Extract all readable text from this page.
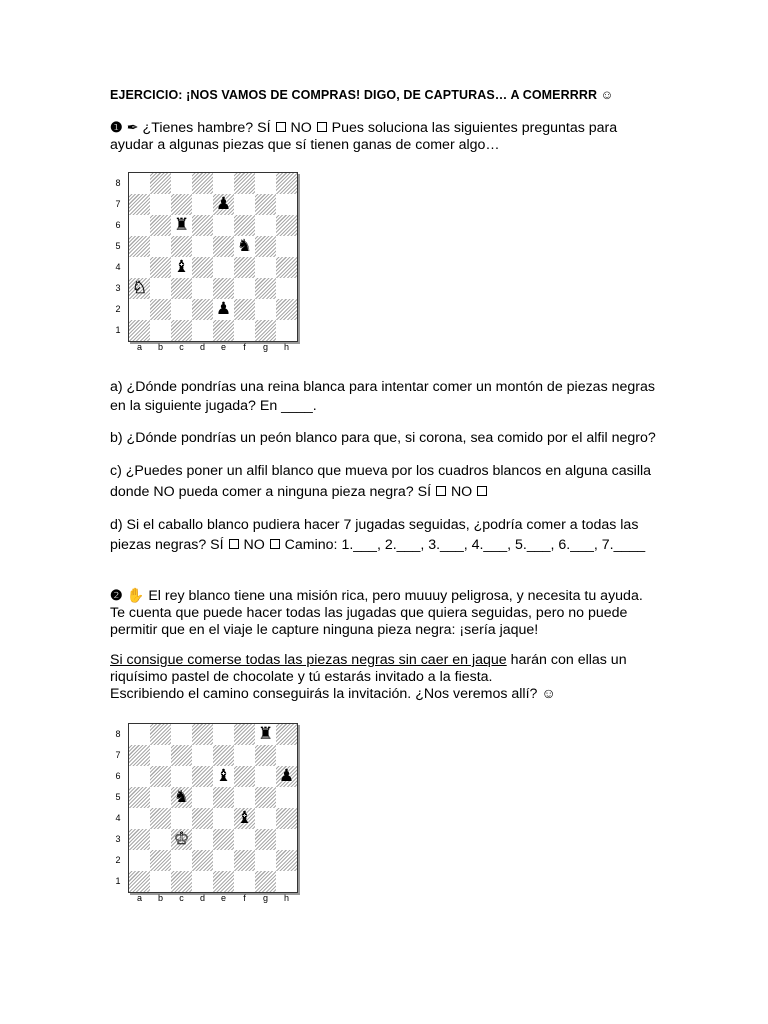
EJERCICIO: ¡NOS VAMOS DE COMPRAS! DIGO, DE CAPTURAS… A COMERRRR ☺

❶ ✒ ¿Tienes hambre? SÍ NO Pues soluciona las siguientes preguntas para

ayudar a algunas piezas que sí tienen ganas de comer algo…

8
7
6
5
4
3
2
1
♟
♜
♞
♝
♘
♟
a	b	c	d	e	f	g	h

a) ¿Dónde pondrías una reina blanca para intentar comer un montón de piezas negras

en la siguiente jugada? En ____.

b) ¿Dónde pondrías un peón blanco para que, si corona, sea comido por el alfil negro?

c) ¿Puedes poner un alfil blanco que mueva por los cuadros blancos en alguna casilla

donde NO pueda comer a ninguna pieza negra? SÍ NO

d) Si el caballo blanco pudiera hacer 7 jugadas seguidas, ¿podría comer a todas las

piezas negras? SÍ NO Camino: 1.___, 2.___, 3.___, 4.___, 5.___, 6.___, 7.____

❷ ✋ El rey blanco tiene una misión rica, pero muuuy peligrosa, y necesita tu ayuda.

Te cuenta que puede hacer todas las jugadas que quiera seguidas, pero no puede

permitir que en el viaje le capture ninguna pieza negra: ¡sería jaque!

Si consigue comerse todas las piezas negras sin caer en jaque harán con ellas un

riquísimo pastel de chocolate y tú estarás invitado a la fiesta.

Escribiendo el camino conseguirás la invitación. ¿Nos veremos allí? ☺

8
7
6
5
4
3
2
1
♜
♝	♟
♞
♝
♔
a	b	c	d	e	f	g	h
